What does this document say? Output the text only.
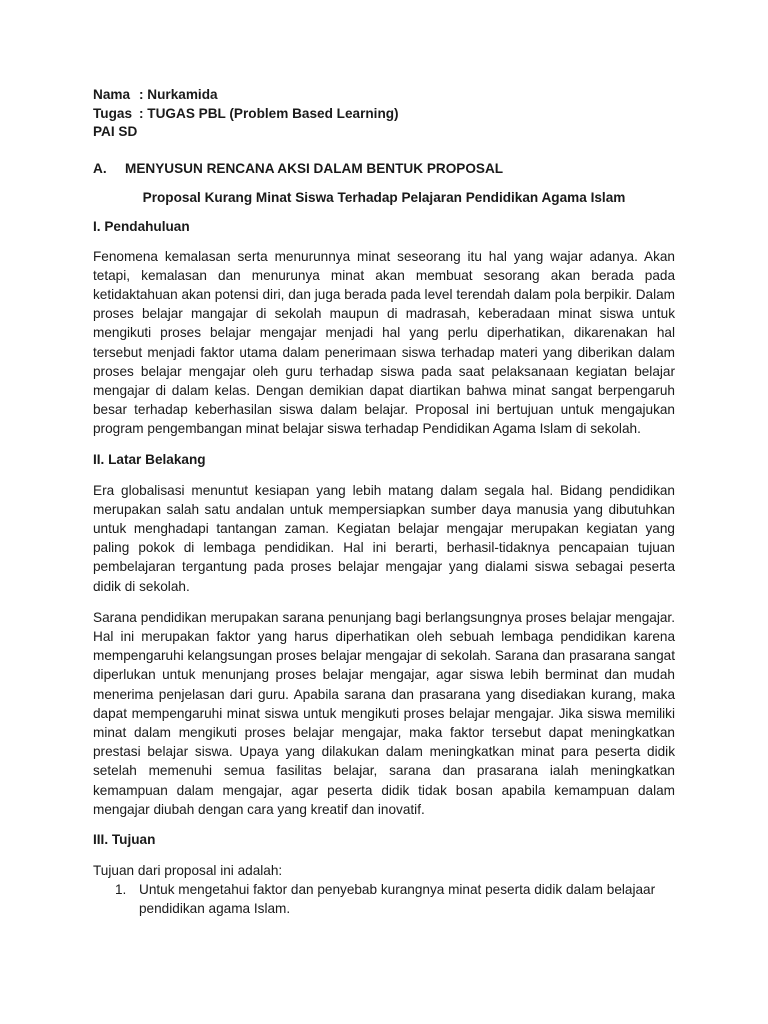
Nama : Nurkamida
Tugas : TUGAS PBL (Problem Based Learning)
PAI SD
A. MENYUSUN RENCANA AKSI DALAM BENTUK PROPOSAL
Proposal Kurang Minat Siswa Terhadap Pelajaran Pendidikan Agama Islam
I. Pendahuluan

Fenomena kemalasan serta menurunnya minat seseorang itu hal yang wajar adanya. Akan tetapi, kemalasan dan menurunya minat akan membuat sesorang akan berada pada ketidaktahuan akan potensi diri, dan juga berada pada level terendah dalam pola berpikir. Dalam proses belajar mangajar di sekolah maupun di madrasah, keberadaan minat siswa untuk mengikuti proses belajar mengajar menjadi hal yang perlu diperhatikan, dikarenakan hal tersebut menjadi faktor utama dalam penerimaan siswa terhadap materi yang diberikan dalam proses belajar mengajar oleh guru terhadap siswa pada saat pelaksanaan kegiatan belajar mengajar di dalam kelas. Dengan demikian dapat diartikan bahwa minat sangat berpengaruh besar terhadap keberhasilan siswa dalam belajar. Proposal ini bertujuan untuk mengajukan program pengembangan minat belajar siswa terhadap Pendidikan Agama Islam di sekolah.

II. Latar Belakang

Era globalisasi menuntut kesiapan yang lebih matang dalam segala hal. Bidang pendidikan merupakan salah satu andalan untuk mempersiapkan sumber daya manusia yang dibutuhkan untuk menghadapi tantangan zaman. Kegiatan belajar mengajar merupakan kegiatan yang paling pokok di lembaga pendidikan. Hal ini berarti, berhasil-tidaknya pencapaian tujuan pembelajaran tergantung pada proses belajar mengajar yang dialami siswa sebagai peserta didik di sekolah.

Sarana pendidikan merupakan sarana penunjang bagi berlangsungnya proses belajar mengajar. Hal ini merupakan faktor yang harus diperhatikan oleh sebuah lembaga pendidikan karena mempengaruhi kelangsungan proses belajar mengajar di sekolah. Sarana dan prasarana sangat diperlukan untuk menunjang proses belajar mengajar, agar siswa lebih berminat dan mudah menerima penjelasan dari guru. Apabila sarana dan prasarana yang disediakan kurang, maka dapat mempengaruhi minat siswa untuk mengikuti proses belajar mengajar. Jika siswa memiliki minat dalam mengikuti proses belajar mengajar, maka faktor tersebut dapat meningkatkan prestasi belajar siswa. Upaya yang dilakukan dalam meningkatkan minat para peserta didik setelah memenuhi semua fasilitas belajar, sarana dan prasarana ialah meningkatkan kemampuan dalam mengajar, agar peserta didik tidak bosan apabila kemampuan dalam mengajar diubah dengan cara yang kreatif dan inovatif.

III. Tujuan

Tujuan dari proposal ini adalah:

1. Untuk mengetahui faktor dan penyebab kurangnya minat peserta didik dalam belajaar pendidikan agama Islam.
